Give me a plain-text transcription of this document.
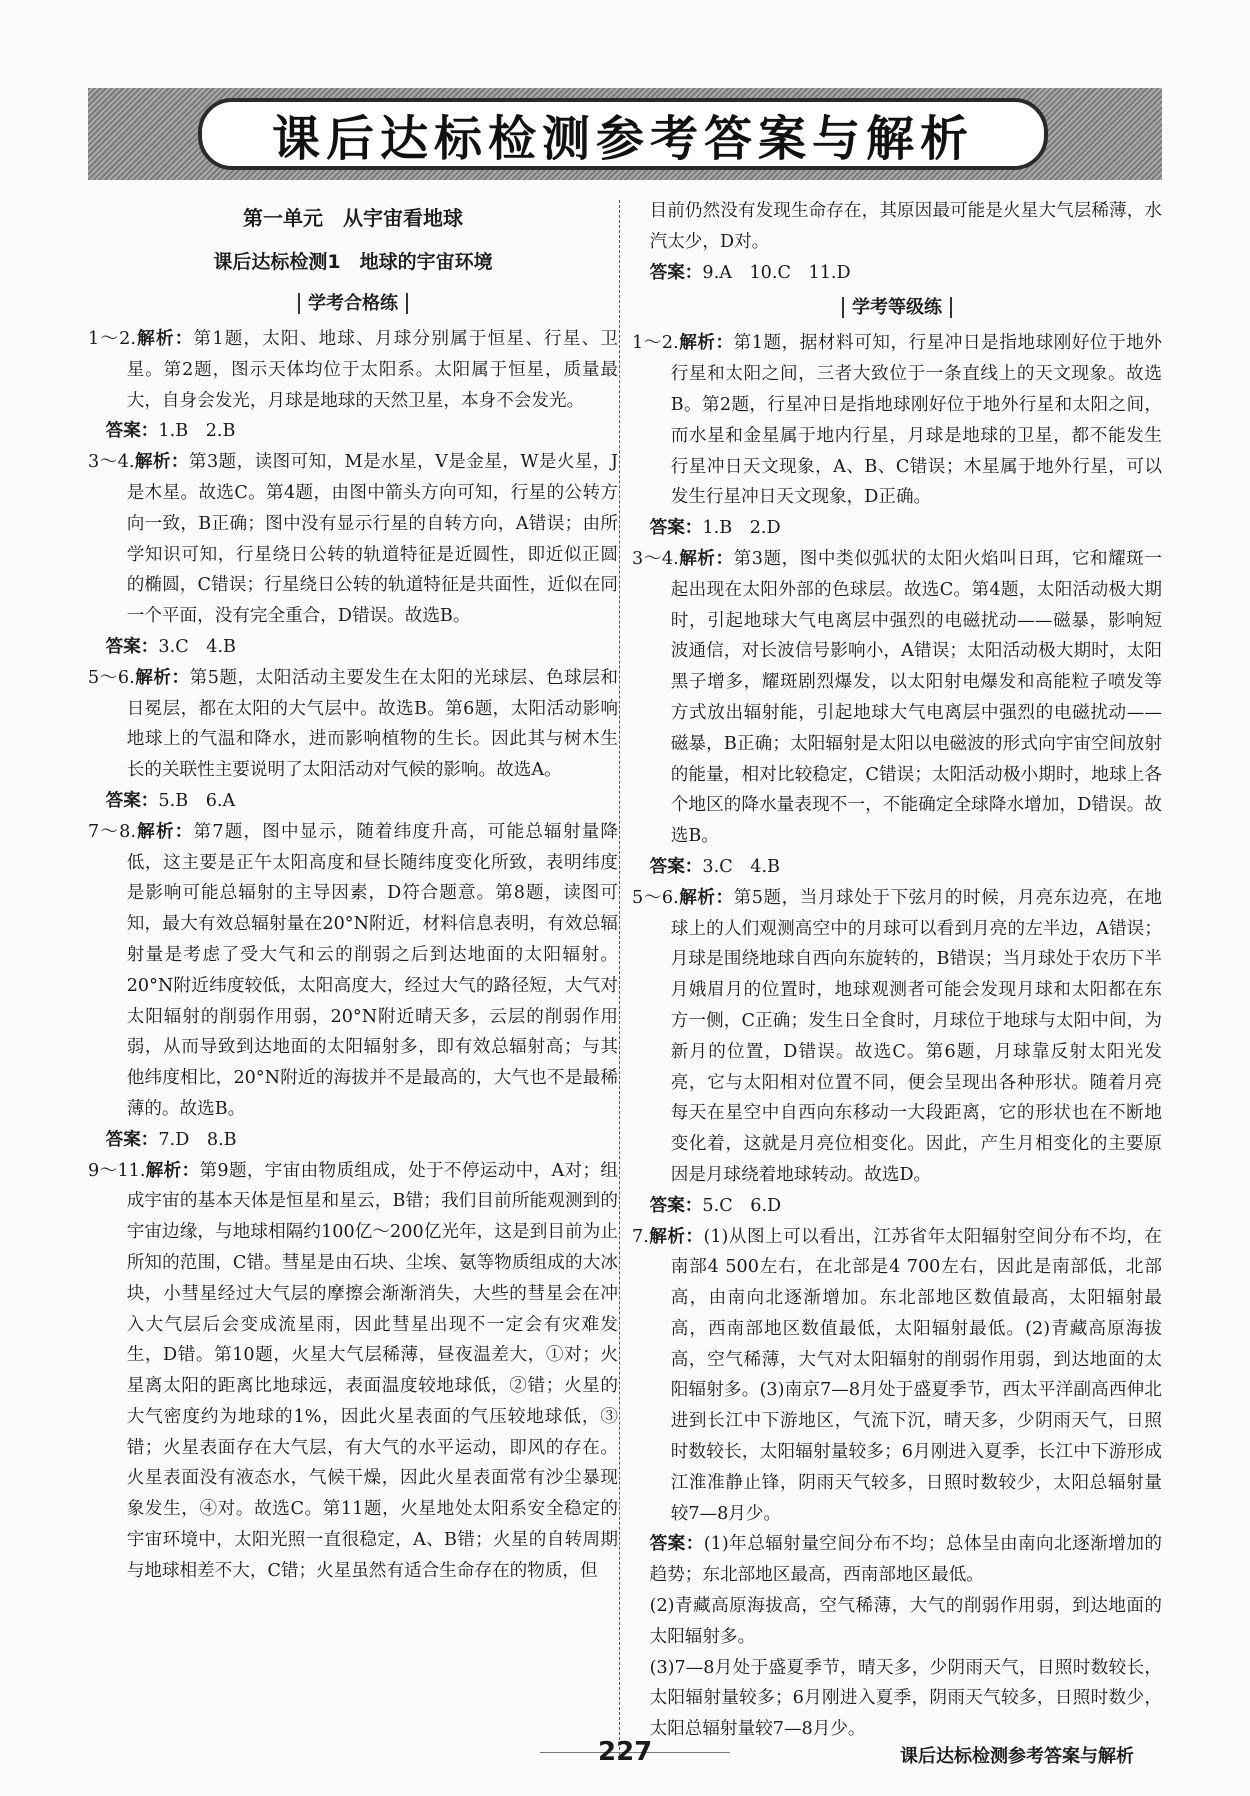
课后达标检测参考答案与解析
第一单元　从宇宙看地球
课后达标检测1　地球的宇宙环境
学考合格练

1～2.解析：第1题，太阳、地球、月球分别属于恒星、行星、卫星。第2题，图示天体均位于太阳系。太阳属于恒星，质量最大，自身会发光，月球是地球的天然卫星，本身不会发光。

答案：1.B　2.B

3～4.解析：第3题，读图可知，M是水星，V是金星，W是火星，J是木星。故选C。第4题，由图中箭头方向可知，行星的公转方向一致，B正确；图中没有显示行星的自转方向，A错误；由所学知识可知，行星绕日公转的轨道特征是近圆性，即近似正圆的椭圆，C错误；行星绕日公转的轨道特征是共面性，近似在同一个平面，没有完全重合，D错误。故选B。

答案：3.C　4.B

5～6.解析：第5题，太阳活动主要发生在太阳的光球层、色球层和日冕层，都在太阳的大气层中。故选B。第6题，太阳活动影响地球上的气温和降水，进而影响植物的生长。因此其与树木生长的关联性主要说明了太阳活动对气候的影响。故选A。

答案：5.B　6.A

7～8.解析：第7题，图中显示，随着纬度升高，可能总辐射量降低，这主要是正午太阳高度和昼长随纬度变化所致，表明纬度是影响可能总辐射的主导因素，D符合题意。第8题，读图可知，最大有效总辐射量在20°N附近，材料信息表明，有效总辐射量是考虑了受大气和云的削弱之后到达地面的太阳辐射。20°N附近纬度较低，太阳高度大，经过大气的路径短，大气对太阳辐射的削弱作用弱，20°N附近晴天多，云层的削弱作用弱，从而导致到达地面的太阳辐射多，即有效总辐射高；与其他纬度相比，20°N附近的海拔并不是最高的，大气也不是最稀薄的。故选B。

答案：7.D　8.B

9～11.解析：第9题，宇宙由物质组成，处于不停运动中，A对；组成宇宙的基本天体是恒星和星云，B错；我们目前所能观测到的宇宙边缘，与地球相隔约100亿～200亿光年，这是到目前为止所知的范围，C错。彗星是由石块、尘埃、氨等物质组成的大冰块，小彗星经过大气层的摩擦会渐渐消失，大些的彗星会在冲入大气层后会变成流星雨，因此彗星出现不一定会有灾难发生，D错。第10题，火星大气层稀薄，昼夜温差大，①对；火星离太阳的距离比地球远，表面温度较地球低，②错；火星的大气密度约为地球的1%，因此火星表面的气压较地球低，③错；火星表面存在大气层，有大气的水平运动，即风的存在。火星表面没有液态水，气候干燥，因此火星表面常有沙尘暴现象发生，④对。故选C。第11题，火星地处太阳系安全稳定的宇宙环境中，太阳光照一直很稳定，A、B错；火星的自转周期与地球相差不大，C错；火星虽然有适合生命存在的物质，但

目前仍然没有发现生命存在，其原因最可能是火星大气层稀薄，水汽太少，D对。

答案：9.A　10.C　11.D

学考等级练

1～2.解析：第1题，据材料可知，行星冲日是指地球刚好位于地外行星和太阳之间，三者大致位于一条直线上的天文现象。故选B。第2题，行星冲日是指地球刚好位于地外行星和太阳之间，而水星和金星属于地内行星，月球是地球的卫星，都不能发生行星冲日天文现象，A、B、C错误；木星属于地外行星，可以发生行星冲日天文现象，D正确。

答案：1.B　2.D

3～4.解析：第3题，图中类似弧状的太阳火焰叫日珥，它和耀斑一起出现在太阳外部的色球层。故选C。第4题，太阳活动极大期时，引起地球大气电离层中强烈的电磁扰动——磁暴，影响短波通信，对长波信号影响小，A错误；太阳活动极大期时，太阳黑子增多，耀斑剧烈爆发，以太阳射电爆发和高能粒子喷发等方式放出辐射能，引起地球大气电离层中强烈的电磁扰动——磁暴，B正确；太阳辐射是太阳以电磁波的形式向宇宙空间放射的能量，相对比较稳定，C错误；太阳活动极小期时，地球上各个地区的降水量表现不一，不能确定全球降水增加，D错误。故选B。

答案：3.C　4.B

5～6.解析：第5题，当月球处于下弦月的时候，月亮东边亮，在地球上的人们观测高空中的月球可以看到月亮的左半边，A错误；月球是围绕地球自西向东旋转的，B错误；当月球处于农历下半月娥眉月的位置时，地球观测者可能会发现月球和太阳都在东方一侧，C正确；发生日全食时，月球位于地球与太阳中间，为新月的位置，D错误。故选C。第6题，月球靠反射太阳光发亮，它与太阳相对位置不同，便会呈现出各种形状。随着月亮每天在星空中自西向东移动一大段距离，它的形状也在不断地变化着，这就是月亮位相变化。因此，产生月相变化的主要原因是月球绕着地球转动。故选D。

答案：5.C　6.D

7.解析：(1)从图上可以看出，江苏省年太阳辐射空间分布不均，在南部4 500左右，在北部是4 700左右，因此是南部低，北部高，由南向北逐渐增加。东北部地区数值最高，太阳辐射最高，西南部地区数值最低，太阳辐射最低。(2)青藏高原海拔高，空气稀薄，大气对太阳辐射的削弱作用弱，到达地面的太阳辐射多。(3)南京7—8月处于盛夏季节，西太平洋副高西伸北进到长江中下游地区，气流下沉，晴天多，少阴雨天气，日照时数较长，太阳辐射量较多；6月刚进入夏季，长江中下游形成江淮准静止锋，阴雨天气较多，日照时数较少，太阳总辐射量较7—8月少。

答案：(1)年总辐射量空间分布不均；总体呈由南向北逐渐增加的趋势；东北部地区最高，西南部地区最低。

(2)青藏高原海拔高，空气稀薄，大气的削弱作用弱，到达地面的太阳辐射多。

(3)7—8月处于盛夏季节，晴天多，少阴雨天气，日照时数较长，太阳辐射量较多；6月刚进入夏季，阴雨天气较多，日照时数少，太阳总辐射量较7—8月少。

227	课后达标检测参考答案与解析
